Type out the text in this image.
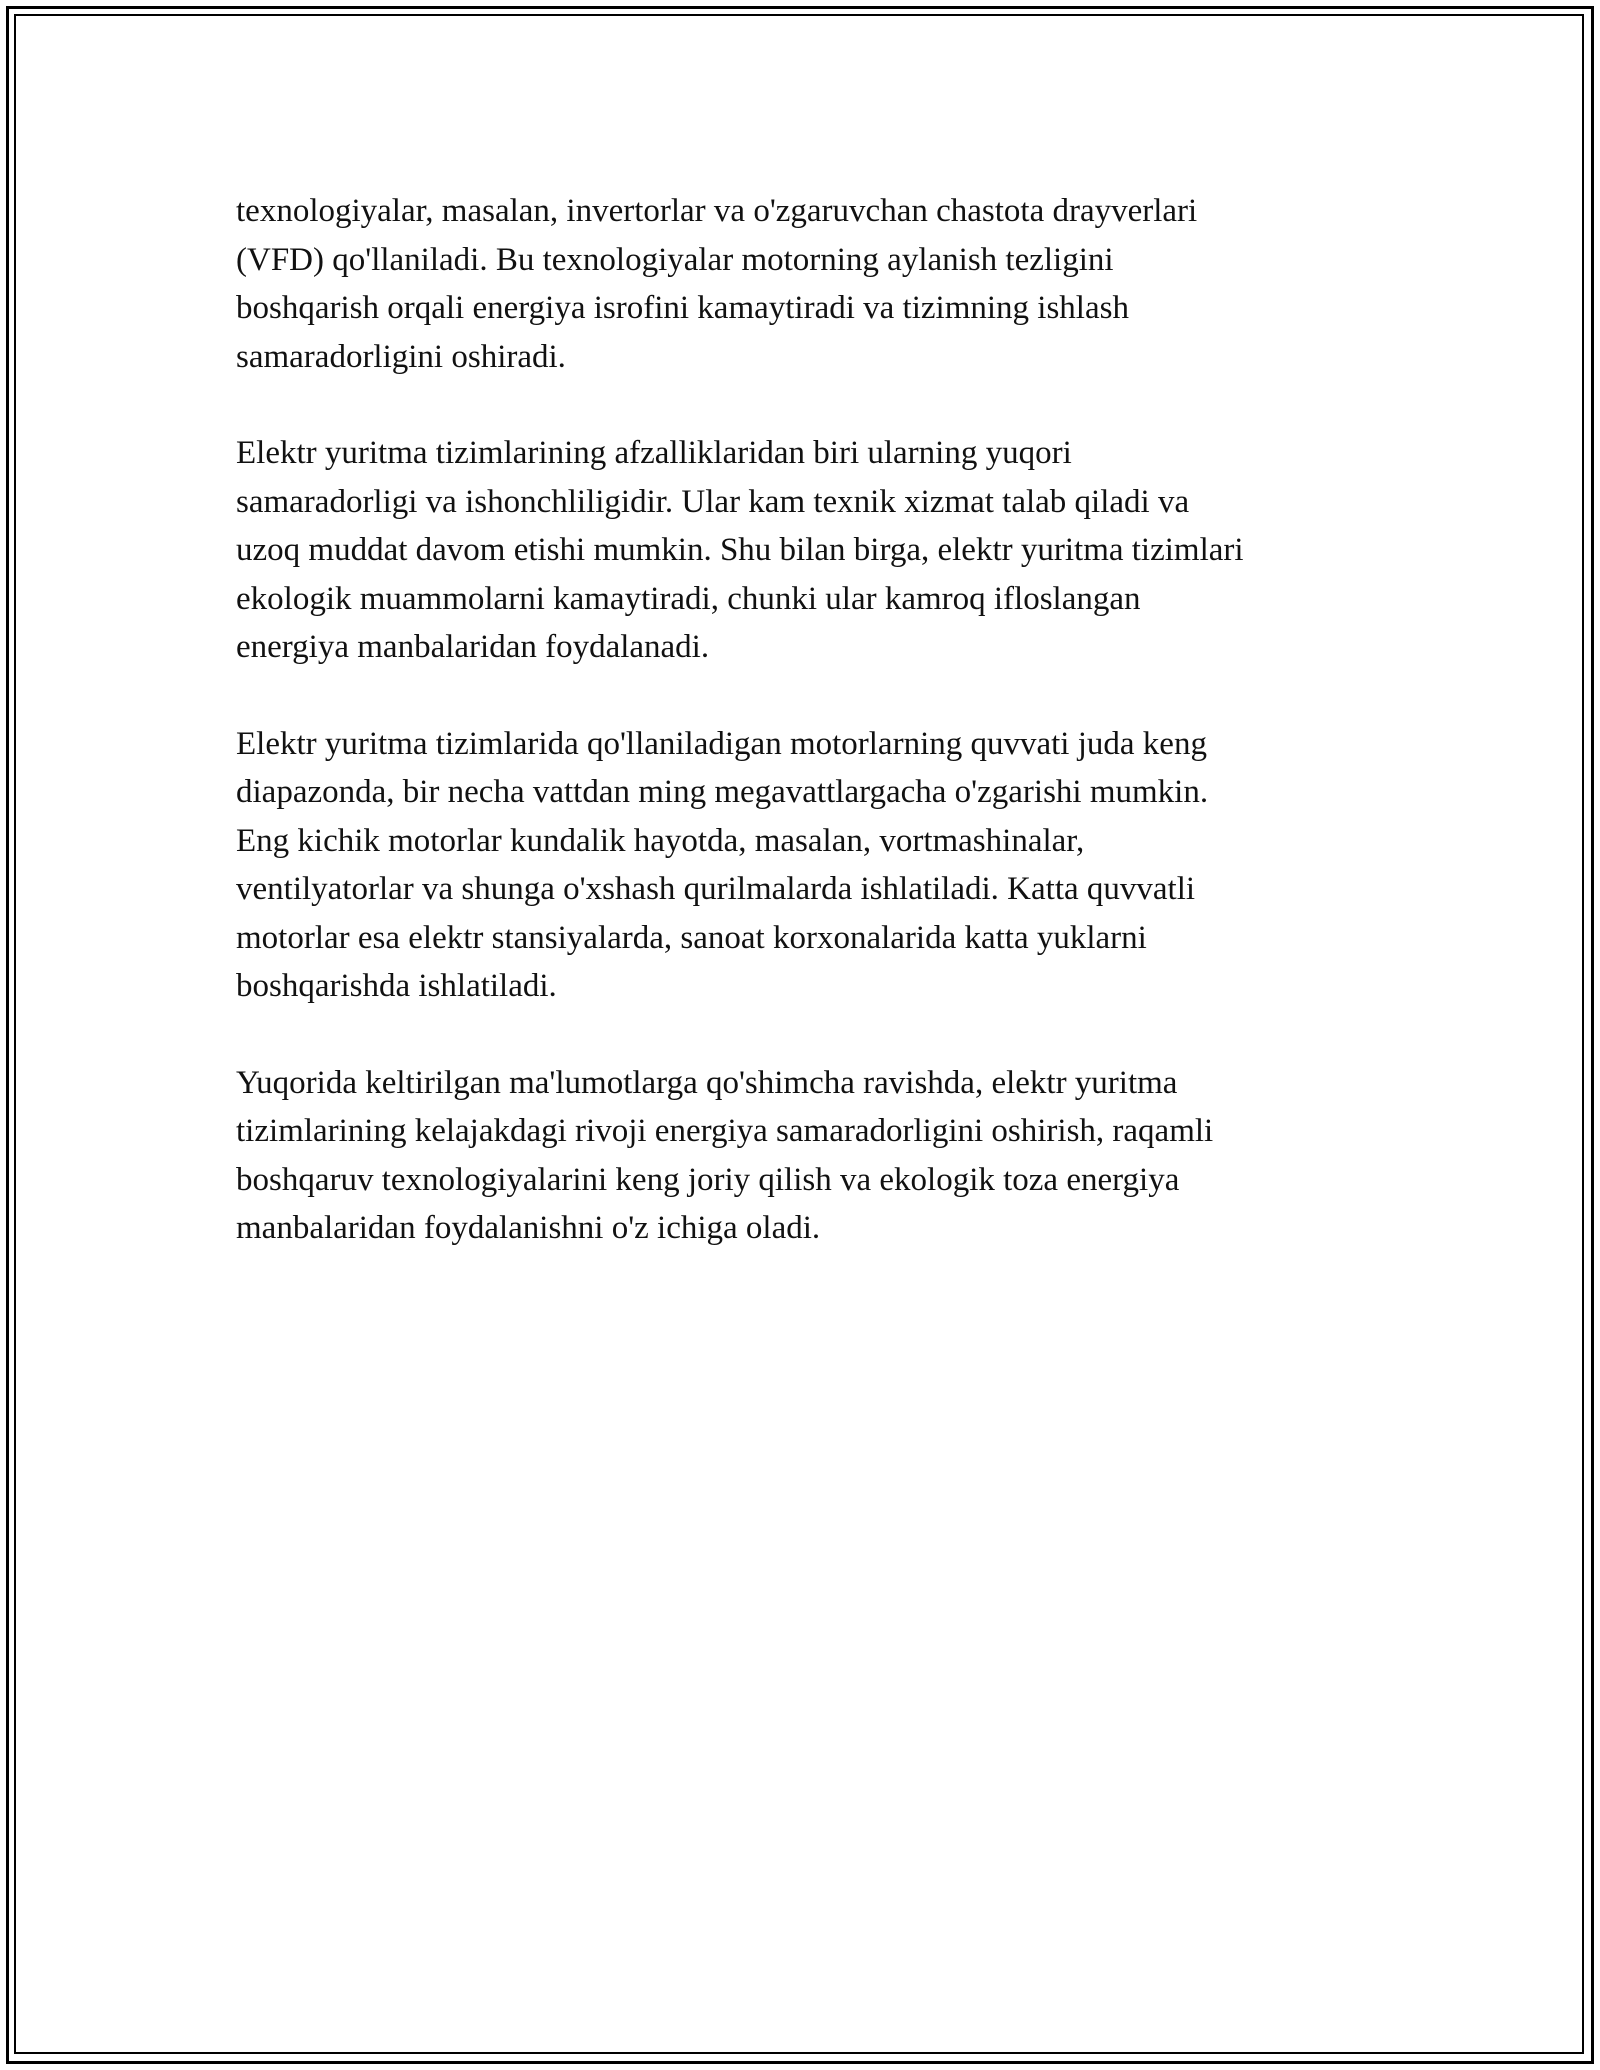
texnologiyalar, masalan, invertorlar va o'zgaruvchan chastota drayverlari
(VFD) qo'llaniladi. Bu texnologiyalar motorning aylanish tezligini
boshqarish orqali energiya isrofini kamaytiradi va tizimning ishlash
samaradorligini oshiradi.

Elektr yuritma tizimlarining afzalliklaridan biri ularning yuqori
samaradorligi va ishonchliligidir. Ular kam texnik xizmat talab qiladi va
uzoq muddat davom etishi mumkin. Shu bilan birga, elektr yuritma tizimlari
ekologik muammolarni kamaytiradi, chunki ular kamroq ifloslangan
energiya manbalaridan foydalanadi.

Elektr yuritma tizimlarida qo'llaniladigan motorlarning quvvati juda keng
diapazonda, bir necha vattdan ming megavattlargacha o'zgarishi mumkin.
Eng kichik motorlar kundalik hayotda, masalan, vortmashinalar,
ventilyatorlar va shunga o'xshash qurilmalarda ishlatiladi. Katta quvvatli
motorlar esa elektr stansiyalarda, sanoat korxonalarida katta yuklarni
boshqarishda ishlatiladi.

Yuqorida keltirilgan ma'lumotlarga qo'shimcha ravishda, elektr yuritma
tizimlarining kelajakdagi rivoji energiya samaradorligini oshirish, raqamli
boshqaruv texnologiyalarini keng joriy qilish va ekologik toza energiya
manbalaridan foydalanishni o'z ichiga oladi.
